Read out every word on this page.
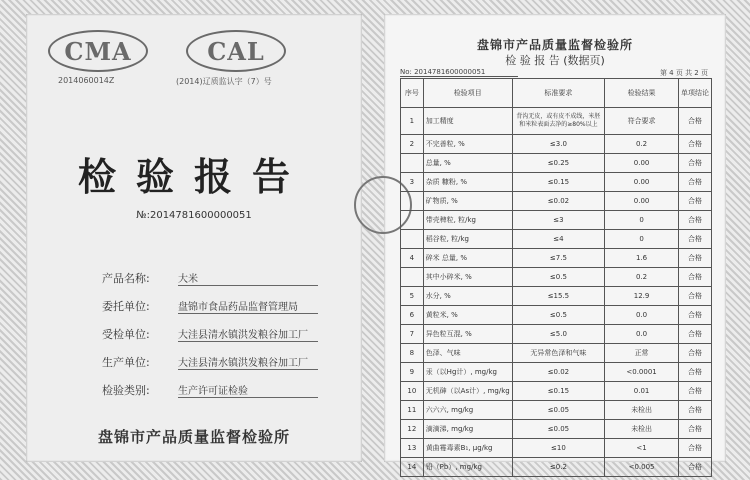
CMA	CAL
2014060014Z	(2014)辽质监认字（7）号
检验报告
№:2014781600000051
产品名称:	大米
委托单位:	盘锦市食品药品监督管理局
受检单位:	大洼县清水镇洪发粮谷加工厂
生产单位:	大洼县清水镇洪发粮谷加工厂
检验类别:	生产许可证检验
盘锦市产品质量监督检验所
盘锦市产品质量监督检验所
检 验 报 告 (数据页)
No: 2014781600000051	第 4 页 共 2 页
序号	检验项目	标准要求	检验结果	单项结论
1	加工精度	背沟无皮，或有皮不成线，米胚和米粒表面去净的≥80%以上	符合要求	合格
2	不完善粒, %	≤3.0	0.2	合格
	总量, %	≤0.25	0.00	合格
3	杂质 糠粉, %	≤0.15	0.00	合格
	矿物质, %	≤0.02	0.00	合格
	带壳稗粒, 粒/kg	≤3	0	合格
	稻谷粒, 粒/kg	≤4	0	合格
4	碎米 总量, %	≤7.5	1.6	合格
	其中小碎米, %	≤0.5	0.2	合格
5	水分, %	≤15.5	12.9	合格
6	黄粒米, %	≤0.5	0.0	合格
7	异色粒互混, %	≤5.0	0.0	合格
8	色泽、气味	无异常色泽和气味	正常	合格
9	汞（以Hg计）, mg/kg	≤0.02	<0.0001	合格
10	无机砷（以As计）, mg/kg	≤0.15	0.01	合格
11	六六六, mg/kg	≤0.05	未检出	合格
12	滴滴涕, mg/kg	≤0.05	未检出	合格
13	黄曲霉毒素B₁, μg/kg	≤10	<1	合格
14	铅（Pb）, mg/kg	≤0.2	<0.005	合格
